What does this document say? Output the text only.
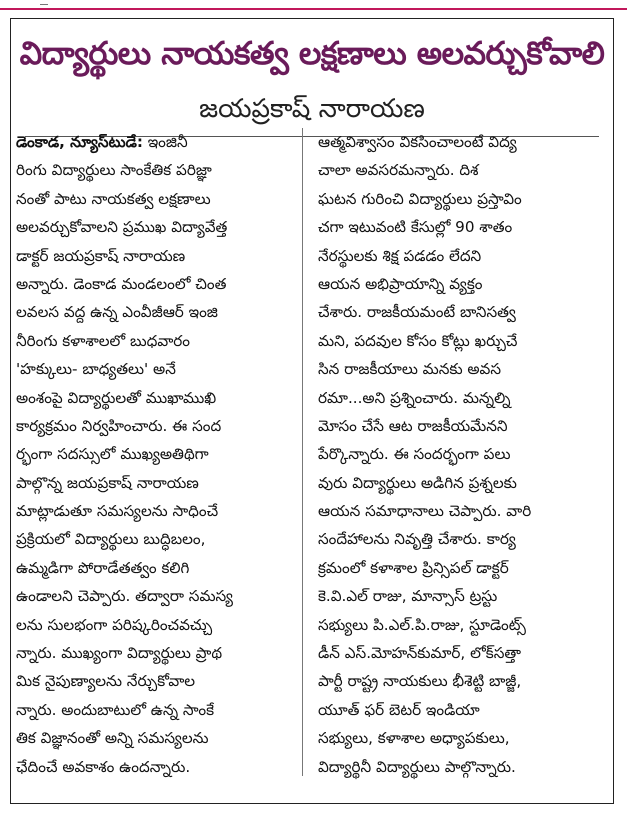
విద్యార్థులు నాయకత్వ లక్షణాలు అలవర్చుకోవాలి
జయప్రకాష్ నారాయణ
డెంకాడ, న్యూస్‌టుడే: ఇంజినీ
రింగు విద్యార్థులు సాంకేతిక పరిజ్ఞా
నంతో పాటు నాయకత్వ లక్షణాలు
అలవర్చుకోవాలని ప్రముఖ విద్యావేత్త
డాక్టర్ జయప్రకాష్ నారాయణ
అన్నారు. డెంకాడ మండలంలో చింత
లవలస వద్ద ఉన్న ఎంవీజీఆర్ ఇంజి
నీరింగు కళాశాలలో బుధవారం
'హక్కులు- బాధ్యతలు' అనే
అంశంపై విద్యార్థులతో ముఖాముఖి
కార్యక్రమం నిర్వహించారు. ఈ సంద
ర్భంగా సదస్సులో ముఖ్యఅతిథిగా
పాల్గొన్న జయప్రకాష్ నారాయణ
మాట్లాడుతూ సమస్యలను సాధించే
ప్రక్రియలో విద్యార్థులు బుద్ధిబలం,
ఉమ్మడిగా పోరాడేతత్వం కలిగి
ఉండాలని చెప్పారు. తద్వారా సమస్య
లను సులభంగా పరిష్కరించవచ్చు
న్నారు. ముఖ్యంగా విద్యార్థులు ప్రాథ
మిక నైపుణ్యాలను నేర్చుకోవాల
న్నారు. అందుబాటులో ఉన్న సాంకే
తిక విజ్ఞానంతో అన్ని సమస్యలను
ఛేదించే అవకాశం ఉందన్నారు.
ఆత్మవిశ్వాసం వికసించాలంటే విద్య
చాలా అవసరమన్నారు. దిశ
ఘటన గురించి విద్యార్థులు ప్రస్తావిం
చగా ఇటువంటి కేసుల్లో 90 శాతం
నేరస్థులకు శిక్ష పడడం లేదని
ఆయన అభిప్రాయాన్ని వ్యక్తం
చేశారు. రాజకీయమంటే బానిసత్వ
మని, పదవుల కోసం కోట్లు ఖర్చుచే
సిన రాజకీయాలు మనకు అవస
రమా...అని ప్రశ్నించారు. మన్నల్ని
మోసం చేసే ఆట రాజకీయమేనని
పేర్కొన్నారు. ఈ సందర్భంగా పలు
వురు విద్యార్థులు అడిగిన ప్రశ్నలకు
ఆయన సమాధానాలు చెప్పారు. వారి
సందేహాలను నివృత్తి చేశారు. కార్య
క్రమంలో కళాశాల ప్రిన్సిపల్ డాక్టర్
కె.వి.ఎల్ రాజు, మాన్సాస్ ట్రస్టు
సభ్యులు పి.ఎల్.పి.రాజు, స్టూడెంట్స్
డీన్ ఎస్.మోహన్‌కుమార్, లోక్‌సత్తా
పార్టీ రాష్ట్ర నాయకులు భీశెట్టి బాజ్జీ,
యూత్ ఫర్ బెటర్ ఇండియా
సభ్యులు, కళాశాల అధ్యాపకులు,
విద్యార్థినీ విద్యార్థులు పాల్గొన్నారు.
